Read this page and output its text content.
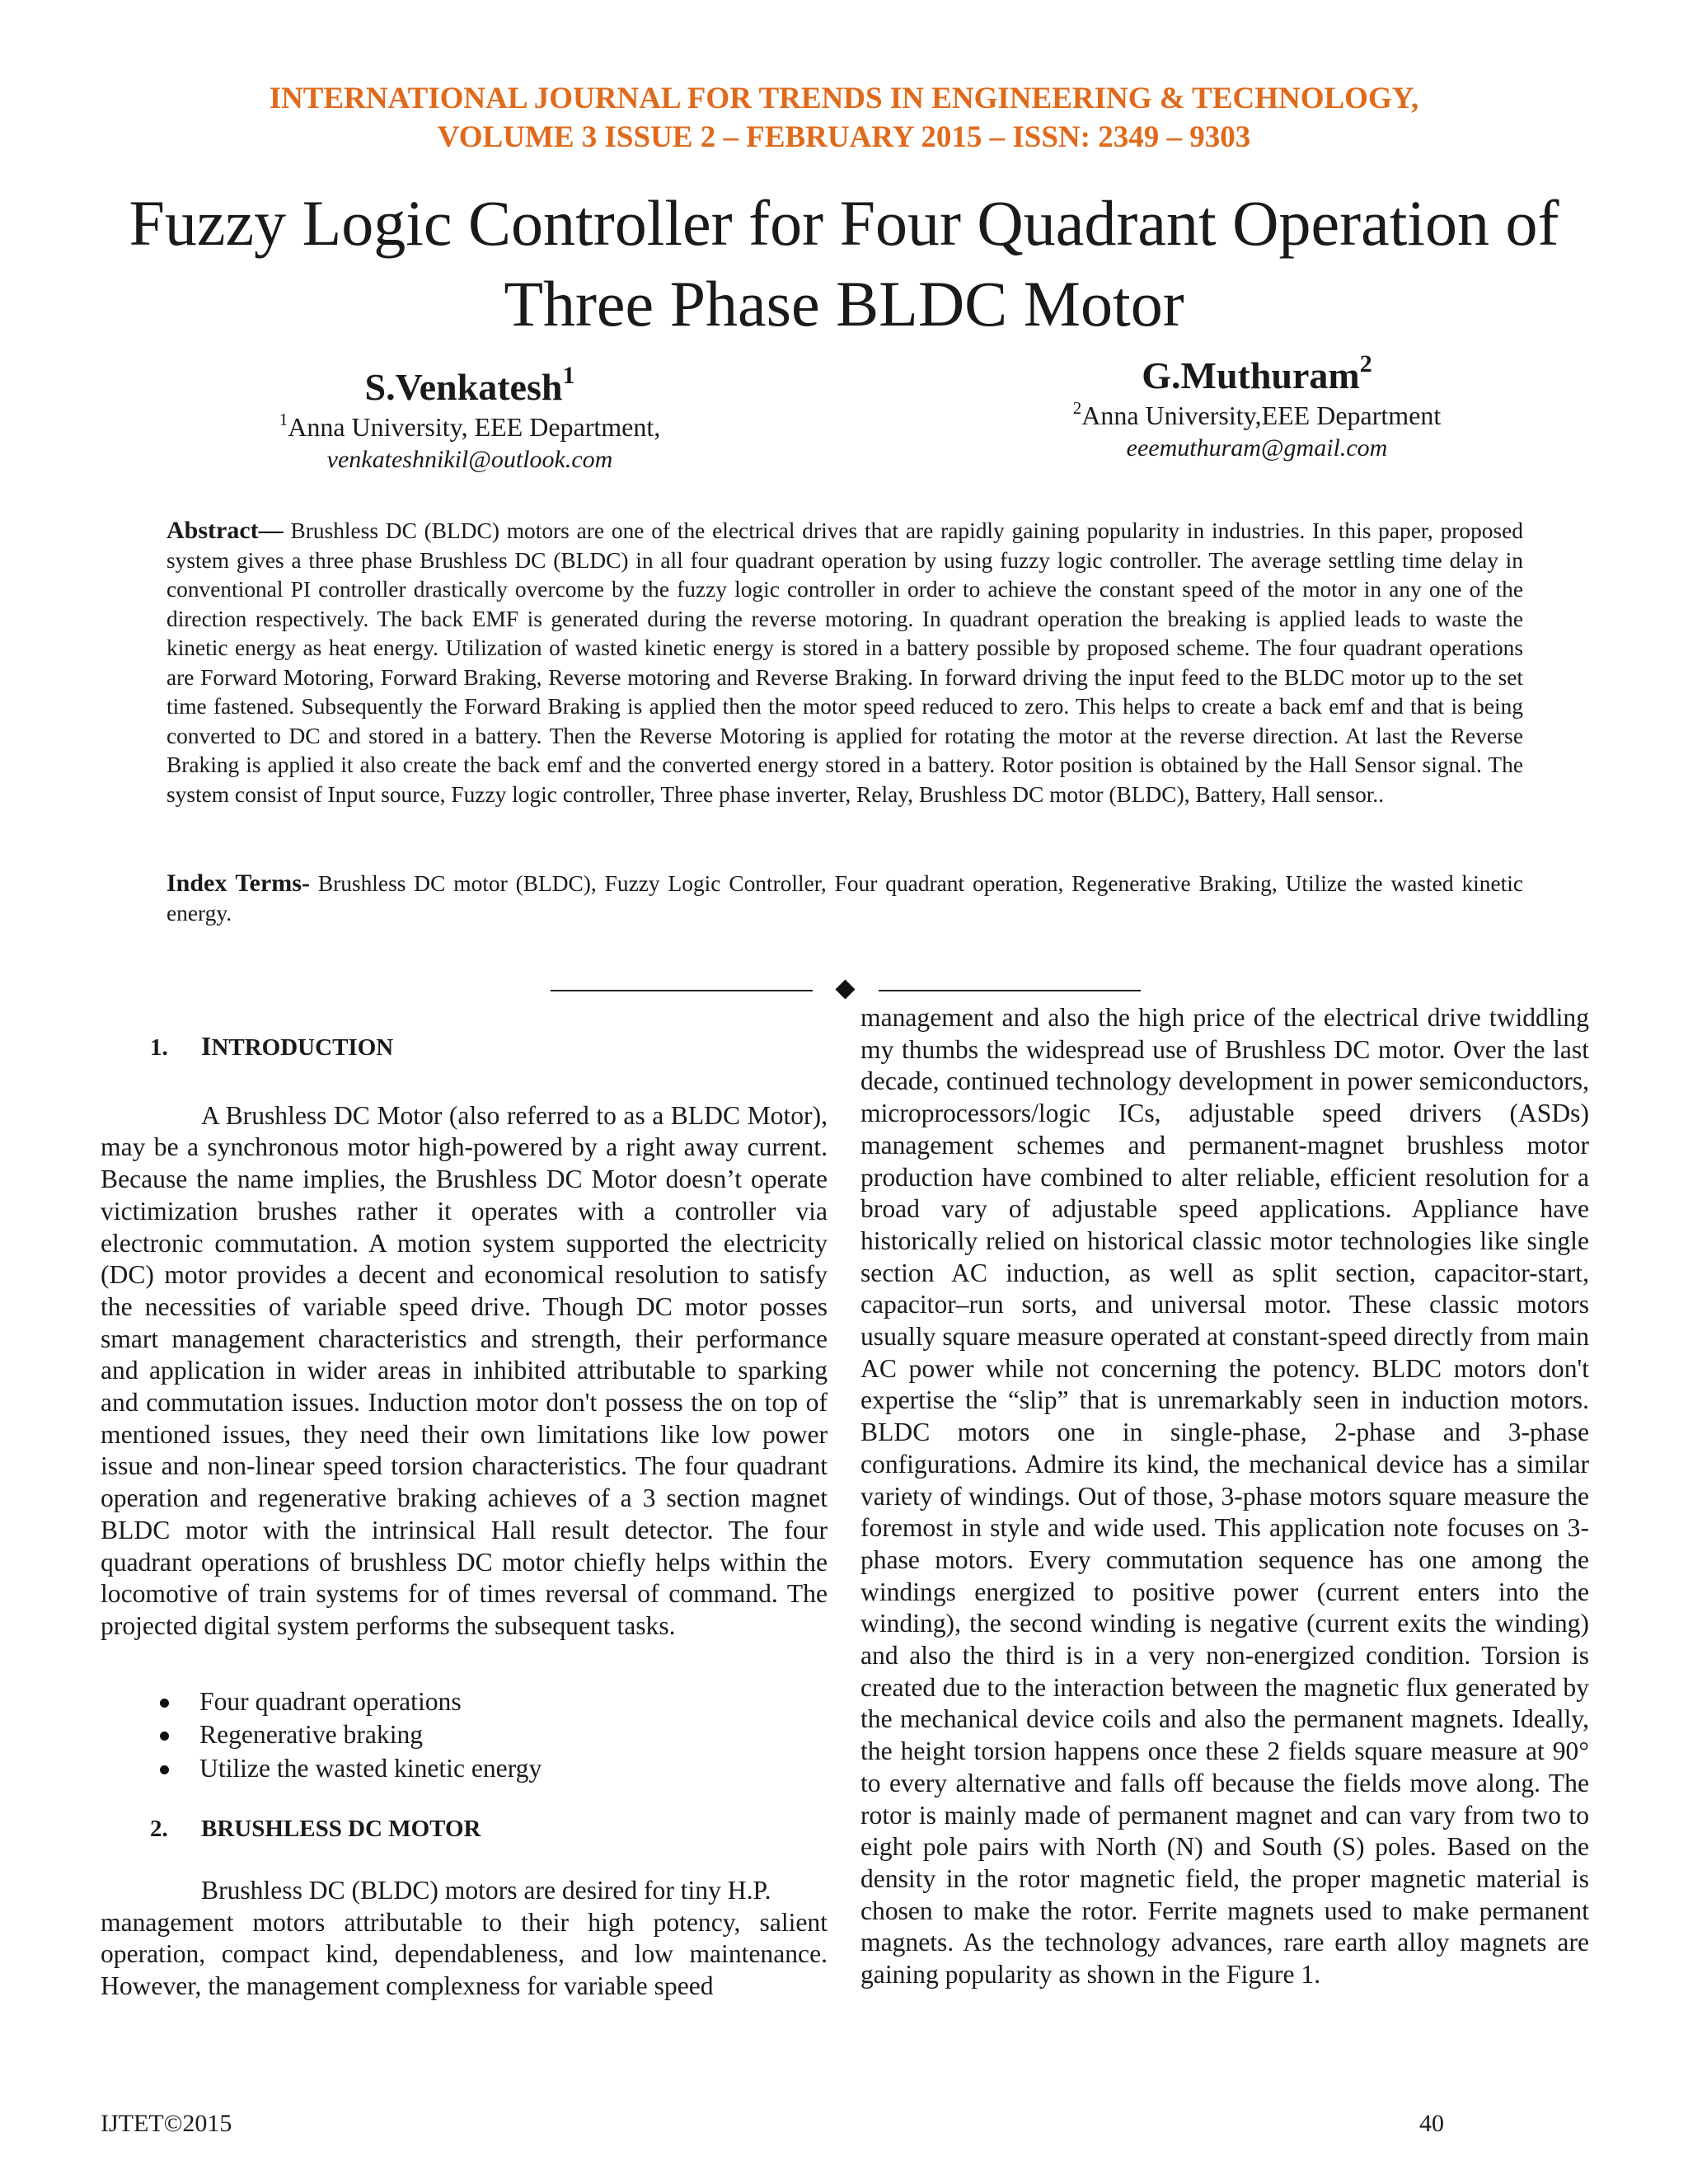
INTERNATIONAL JOURNAL FOR TRENDS IN ENGINEERING & TECHNOLOGY,
VOLUME 3 ISSUE 2 – FEBRUARY 2015 – ISSN: 2349 – 9303
Fuzzy Logic Controller for Four Quadrant Operation of
Three Phase BLDC Motor
S.Venkatesh$^1$
$^1$Anna University, EEE Department,
venkateshnikil@outlook.com
G.Muthuram$^2$
$^2$Anna University,EEE Department
eeemuthuram@gmail.com

Abstract— Brushless DC (BLDC) motors are one of the electrical drives that are rapidly gaining popularity in industries. In this paper, proposed system gives a three phase Brushless DC (BLDC) in all four quadrant operation by using fuzzy logic controller. The average settling time delay in conventional PI controller drastically overcome by the fuzzy logic controller in order to achieve the constant speed of the motor in any one of the direction respectively. The back EMF is generated during the reverse motoring. In quadrant operation the breaking is applied leads to waste the kinetic energy as heat energy. Utilization of wasted kinetic energy is stored in a battery possible by proposed scheme. The four quadrant operations are Forward Motoring, Forward Braking, Reverse motoring and Reverse Braking. In forward driving the input feed to the BLDC motor up to the set time fastened. Subsequently the Forward Braking is applied then the motor speed reduced to zero. This helps to create a back emf and that is being converted to DC and stored in a battery. Then the Reverse Motoring is applied for rotating the motor at the reverse direction. At last the Reverse Braking is applied it also create the back emf and the converted energy stored in a battery. Rotor position is obtained by the Hall Sensor signal. The system consist of Input source, Fuzzy logic controller, Three phase inverter, Relay, Brushless DC motor (BLDC), Battery, Hall sensor..

Index Terms- Brushless DC motor (BLDC), Fuzzy Logic Controller, Four quadrant operation, Regenerative Braking, Utilize the wasted kinetic energy.

1. INTRODUCTION

A Brushless DC Motor (also referred to as a BLDC Motor), may be a synchronous motor high-powered by a right away current. Because the name implies, the Brushless DC Motor doesn’t operate victimization brushes rather it operates with a controller via electronic commutation. A motion system supported the electricity (DC) motor provides a decent and economical resolution to satisfy the necessities of variable speed drive. Though DC motor posses smart management characteristics and strength, their performance and application in wider areas in inhibited attributable to sparking and commutation issues. Induction motor don't possess the on top of mentioned issues, they need their own limitations like low power issue and non-linear speed torsion characteristics. The four quadrant operation and regenerative braking achieves of a 3 section magnet BLDC motor with the intrinsical Hall result detector. The four quadrant operations of brushless DC motor chiefly helps within the locomotive of train systems for of times reversal of command. The projected digital system performs the subsequent tasks.

Four quadrant operations
Regenerative braking
Utilize the wasted kinetic energy

2. BRUSHLESS DC MOTOR

Brushless DC (BLDC) motors are desired for tiny H.P.

management motors attributable to their high potency, salient operation, compact kind, dependableness, and low maintenance. However, the management complexness for variable speed

management and also the high price of the electrical drive twiddling my thumbs the widespread use of Brushless DC motor. Over the last decade, continued technology development in power semiconductors, microprocessors/logic ICs, adjustable speed drivers (ASDs) management schemes and permanent-magnet brushless motor production have combined to alter reliable, efficient resolution for a broad vary of adjustable speed applications. Appliance have historically relied on historical classic motor technologies like single section AC induction, as well as split section, capacitor-start, capacitor–run sorts, and universal motor. These classic motors usually square measure operated at constant-speed directly from main AC power while not concerning the potency. BLDC motors don't expertise the “slip” that is unremarkably seen in induction motors. BLDC motors one in single-phase, 2-phase and 3-phase configurations. Admire its kind, the mechanical device has a similar variety of windings. Out of those, 3-phase motors square measure the foremost in style and wide used. This application note focuses on 3-phase motors. Every commutation sequence has one among the windings energized to positive power (current enters into the winding), the second winding is negative (current exits the winding) and also the third is in a very non-energized condition. Torsion is created due to the interaction between the magnetic flux generated by the mechanical device coils and also the permanent magnets. Ideally, the height torsion happens once these 2 fields square measure at 90° to every alternative and falls off because the fields move along. The rotor is mainly made of permanent magnet and can vary from two to eight pole pairs with North (N) and South (S) poles. Based on the density in the rotor magnetic field, the proper magnetic material is chosen to make the rotor. Ferrite magnets used to make permanent magnets. As the technology advances, rare earth alloy magnets are gaining popularity as shown in the Figure 1.

IJTET©2015	40
